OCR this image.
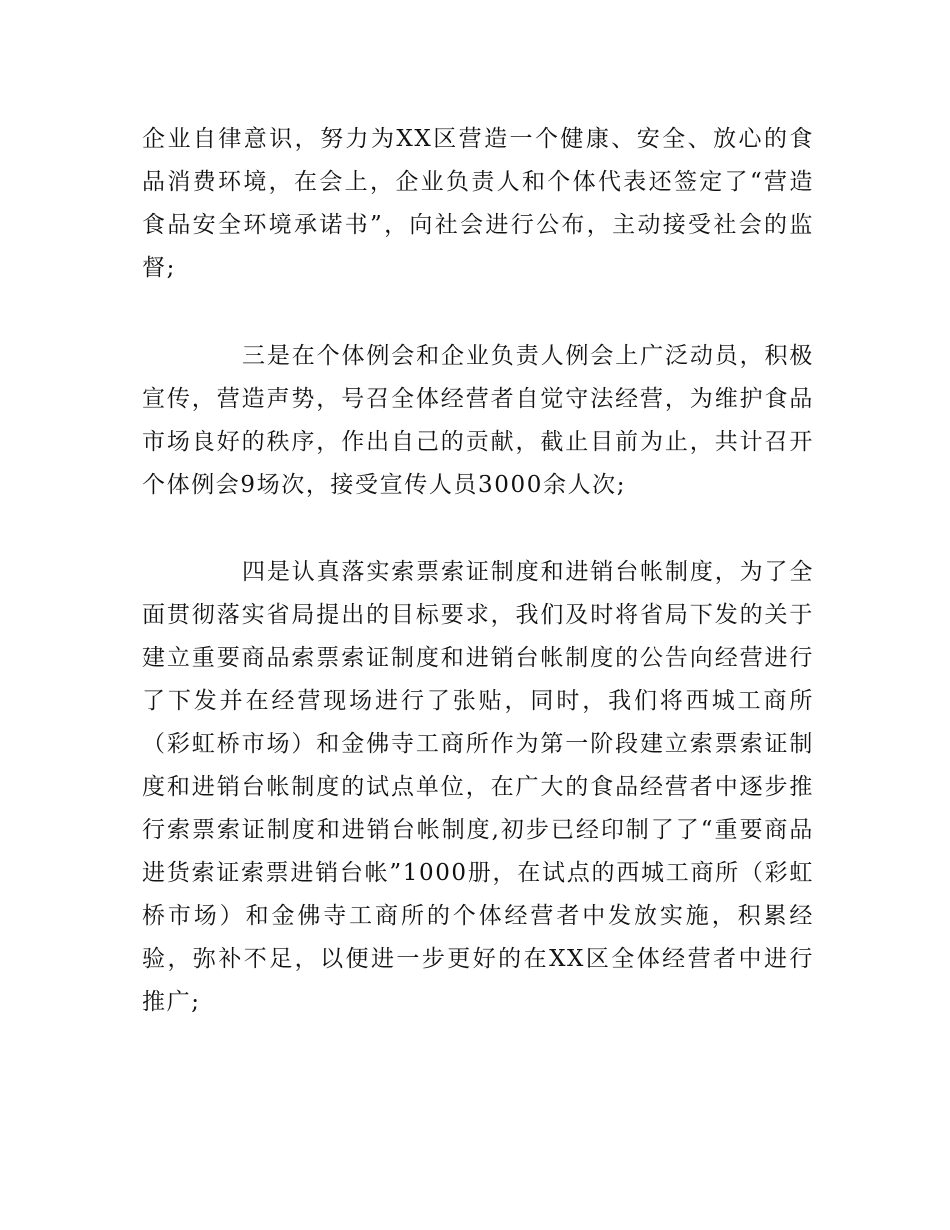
企业自律意识，努力为XX区营造一个健康、安全、放心的食品消费环境，在会上，企业负责人和个体代表还签定了“营造食品安全环境承诺书”，向社会进行公布，主动接受社会的监督;

三是在个体例会和企业负责人例会上广泛动员，积极宣传，营造声势，号召全体经营者自觉守法经营，为维护食品市场良好的秩序，作出自己的贡献，截止目前为止，共计召开个体例会9场次，接受宣传人员3000余人次;

四是认真落实索票索证制度和进销台帐制度，为了全面贯彻落实省局提出的目标要求，我们及时将省局下发的关于建立重要商品索票索证制度和进销台帐制度的公告向经营进行了下发并在经营现场进行了张贴，同时，我们将西城工商所（彩虹桥市场）和金佛寺工商所作为第一阶段建立索票索证制度和进销台帐制度的试点单位，在广大的食品经营者中逐步推行索票索证制度和进销台帐制度,初步已经印制了了“重要商品进货索证索票进销台帐”1000册，在试点的西城工商所（彩虹桥市场）和金佛寺工商所的个体经营者中发放实施，积累经验，弥补不足，以便进一步更好的在XX区全体经营者中进行推广;
